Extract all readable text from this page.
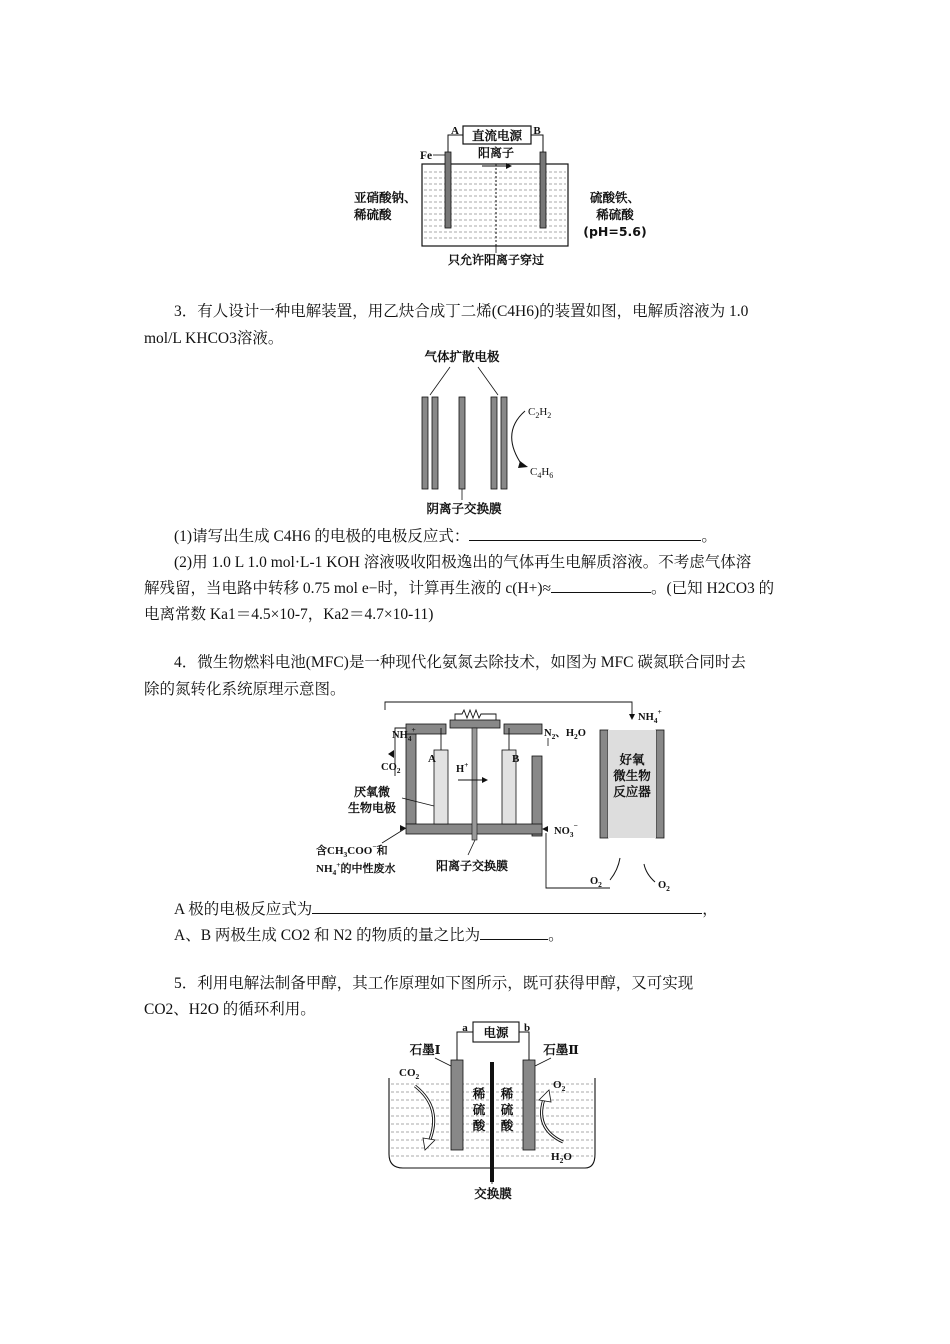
直流电源
A	B
阳离子
Fe
只允许阳离子穿过
亚硝酸钠、
稀硫酸
硫酸铁、
稀硫酸
(pH=5.6)

3．有人设计一种电解装置，用乙炔合成丁二烯(C4H6)的装置如图，电解质溶液为 1.0

mol/L KHCO3溶液。

气体扩散电极
$C_2H_2$
$C_4H_6$
阴离子交换膜

(1)请写出生成 C4H6 的电极的电极反应式：	。

(2)用 1.0 L 1.0 mol·L-1 KOH 溶液吸收阳极逸出的气体再生电解质溶液。不考虑气体溶

解残留，当电路中转移 0.75 mol e−时，计算再生液的 c(H+)≈	。(已知 H2CO3 的

电离常数 Ka1＝4.5×10-7，Ka2＝4.7×10-11)

4．微生物燃料电池(MFC)是一种现代化氨氮去除技术，如图为 MFC 碳氮联合同时去

除的氮转化系统原理示意图。

$NH_4^+$
$CO_2$
A	B
H+
$N_2$、$H_2O$
$NH_4^+$
好氧
微生物
反应器
$NO_3^-$
$O_2$	$O_2$
厌氧微
生物电极
含$CH_3COO^-$和
$NH_4^+$的中性废水	阳离子交换膜

A 极的电极反应式为	，

A、B 两极生成 CO2 和 N2 的物质的量之比为	。

5．利用电解法制备甲醇，其工作原理如下图所示，既可获得甲醇，又可实现

CO2、H2O 的循环利用。

电源
a	b
石墨Ⅰ	石墨Ⅱ
稀
硫
酸
稀
硫
酸
$CO_2$
$O_2$
$H_2O$
交换膜
